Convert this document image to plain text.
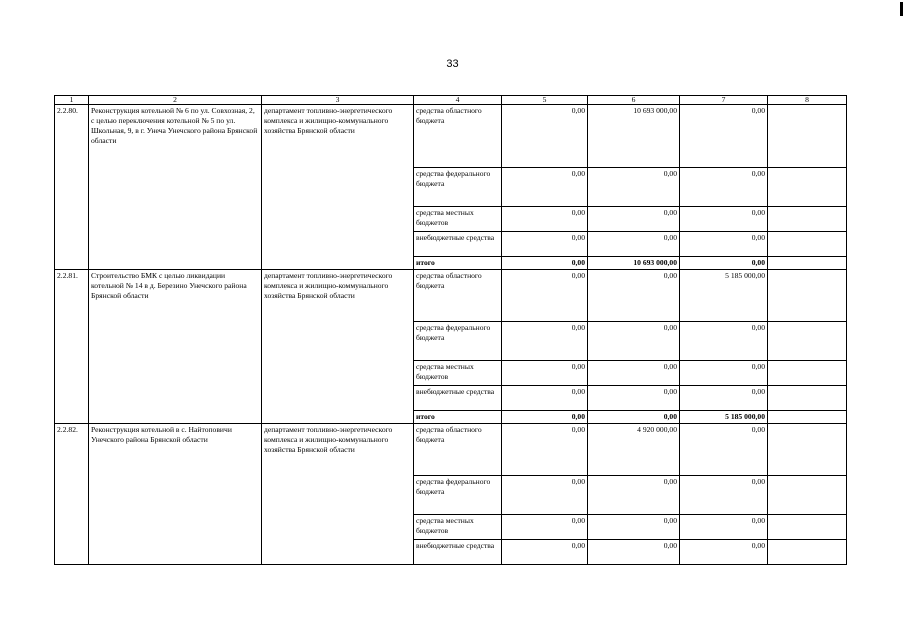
33
1	2	3	4	5	6	7	8
2.2.80.	Реконструкция котельной № 6 по ул. Совхозная, 2, с целью переключения котельной № 5 по ул. Школьная, 9, в г. Унеча Унечского района Брянской области	департамент топливно-энергетического комплекса и жилищно-коммунального хозяйства Брянской области	средства областного бюджета	0,00	10 693 000,00	0,00	
			средства федерального бюджета	0,00	0,00	0,00	
			средства местных бюджетов	0,00	0,00	0,00	
			внебюджетные средства	0,00	0,00	0,00	
			итого	0,00	10 693 000,00	0,00	
2.2.81.	Строительство БМК с целью ликвидации котельной № 14 в д. Березино Унечского района Брянской области	департамент топливно-энергетического комплекса и жилищно-коммунального хозяйства Брянской области	средства областного бюджета	0,00	0,00	5 185 000,00	
			средства федерального бюджета	0,00	0,00	0,00	
			средства местных бюджетов	0,00	0,00	0,00	
			внебюджетные средства	0,00	0,00	0,00	
			итого	0,00	0,00	5 185 000,00	
2.2.82.	Реконструкция котельной в с. Найтоповичи Унечского района Брянской области	департамент топливно-энергетического комплекса и жилищно-коммунального хозяйства Брянской области	средства областного бюджета	0,00	4 920 000,00	0,00	
			средства федерального бюджета	0,00	0,00	0,00	
			средства местных бюджетов	0,00	0,00	0,00	
			внебюджетные средства	0,00	0,00	0,00	
